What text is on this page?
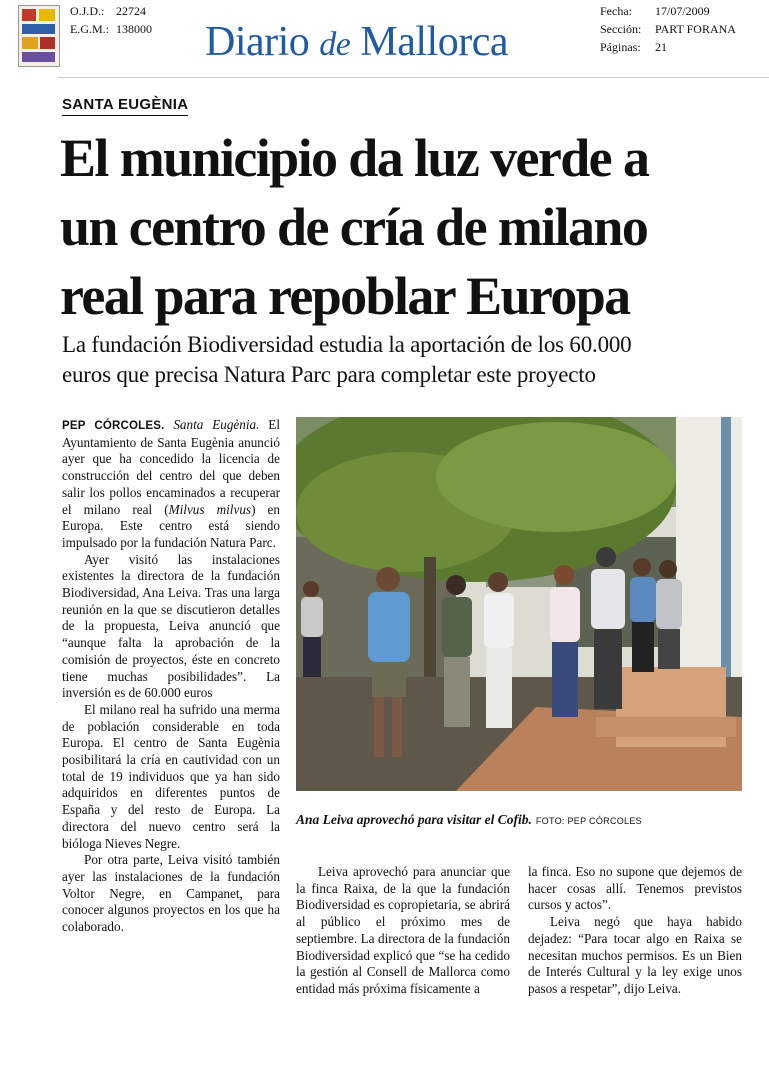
O.J.D.: 22724
E.G.M.: 138000 Diario de Mallorca
Fecha: 17/07/2009
Sección: PART FORANA
Páginas: 21
SANTA EUGÈNIA
El municipio da luz verde a
un centro de cría de milano
real para repoblar Europa
La fundación Biodiversidad estudia la aportación de los 60.000
euros que precisa Natura Parc para completar este proyecto

PEP CÓRCOLES. Santa Eugènia. El Ayuntamiento de Santa Eugènia anunció ayer que ha concedido la licencia de construcción del centro del que deben salir los pollos encaminados a recuperar el milano real (Milvus milvus) en Europa. Este centro está siendo impulsado por la fundación Natura Parc.

Ayer visitó las instalaciones existentes la directora de la fundación Biodiversidad, Ana Leiva. Tras una larga reunión en la que se discutieron detalles de la propuesta, Leiva anunció que “aunque falta la aprobación de la comisión de proyectos, éste en concreto tiene muchas posibilidades”. La inversión es de 60.000 euros

El milano real ha sufrido una merma de población considerable en toda Europa. El centro de Santa Eugènia posibilitará la cría en cautividad con un total de 19 individuos que ya han sido adquiridos en diferentes puntos de España y del resto de Europa. La directora del nuevo centro será la bióloga Nieves Negre.

Por otra parte, Leiva visitó también ayer las instalaciones de la fundación Voltor Negre, en Campanet, para conocer algunos proyectos en los que ha colaborado.

Ana Leiva aprovechó para visitar el Cofib. FOTO: PEP CÓRCOLES

Leiva aprovechó para anunciar que la finca Raixa, de la que la fundación Biodiversidad es copropietaria, se abrirá al público el próximo mes de septiembre. La directora de la fundación Biodiversidad explicó que “se ha cedido la gestión al Consell de Mallorca como entidad más próxima físicamente a

la finca. Eso no supone que dejemos de hacer cosas allí. Tenemos previstos cursos y actos”.

Leiva negó que haya habido dejadez: “Para tocar algo en Raixa se necesitan muchos permisos. Es un Bien de Interés Cultural y la ley exige unos pasos a respetar”, dijo Leiva.
